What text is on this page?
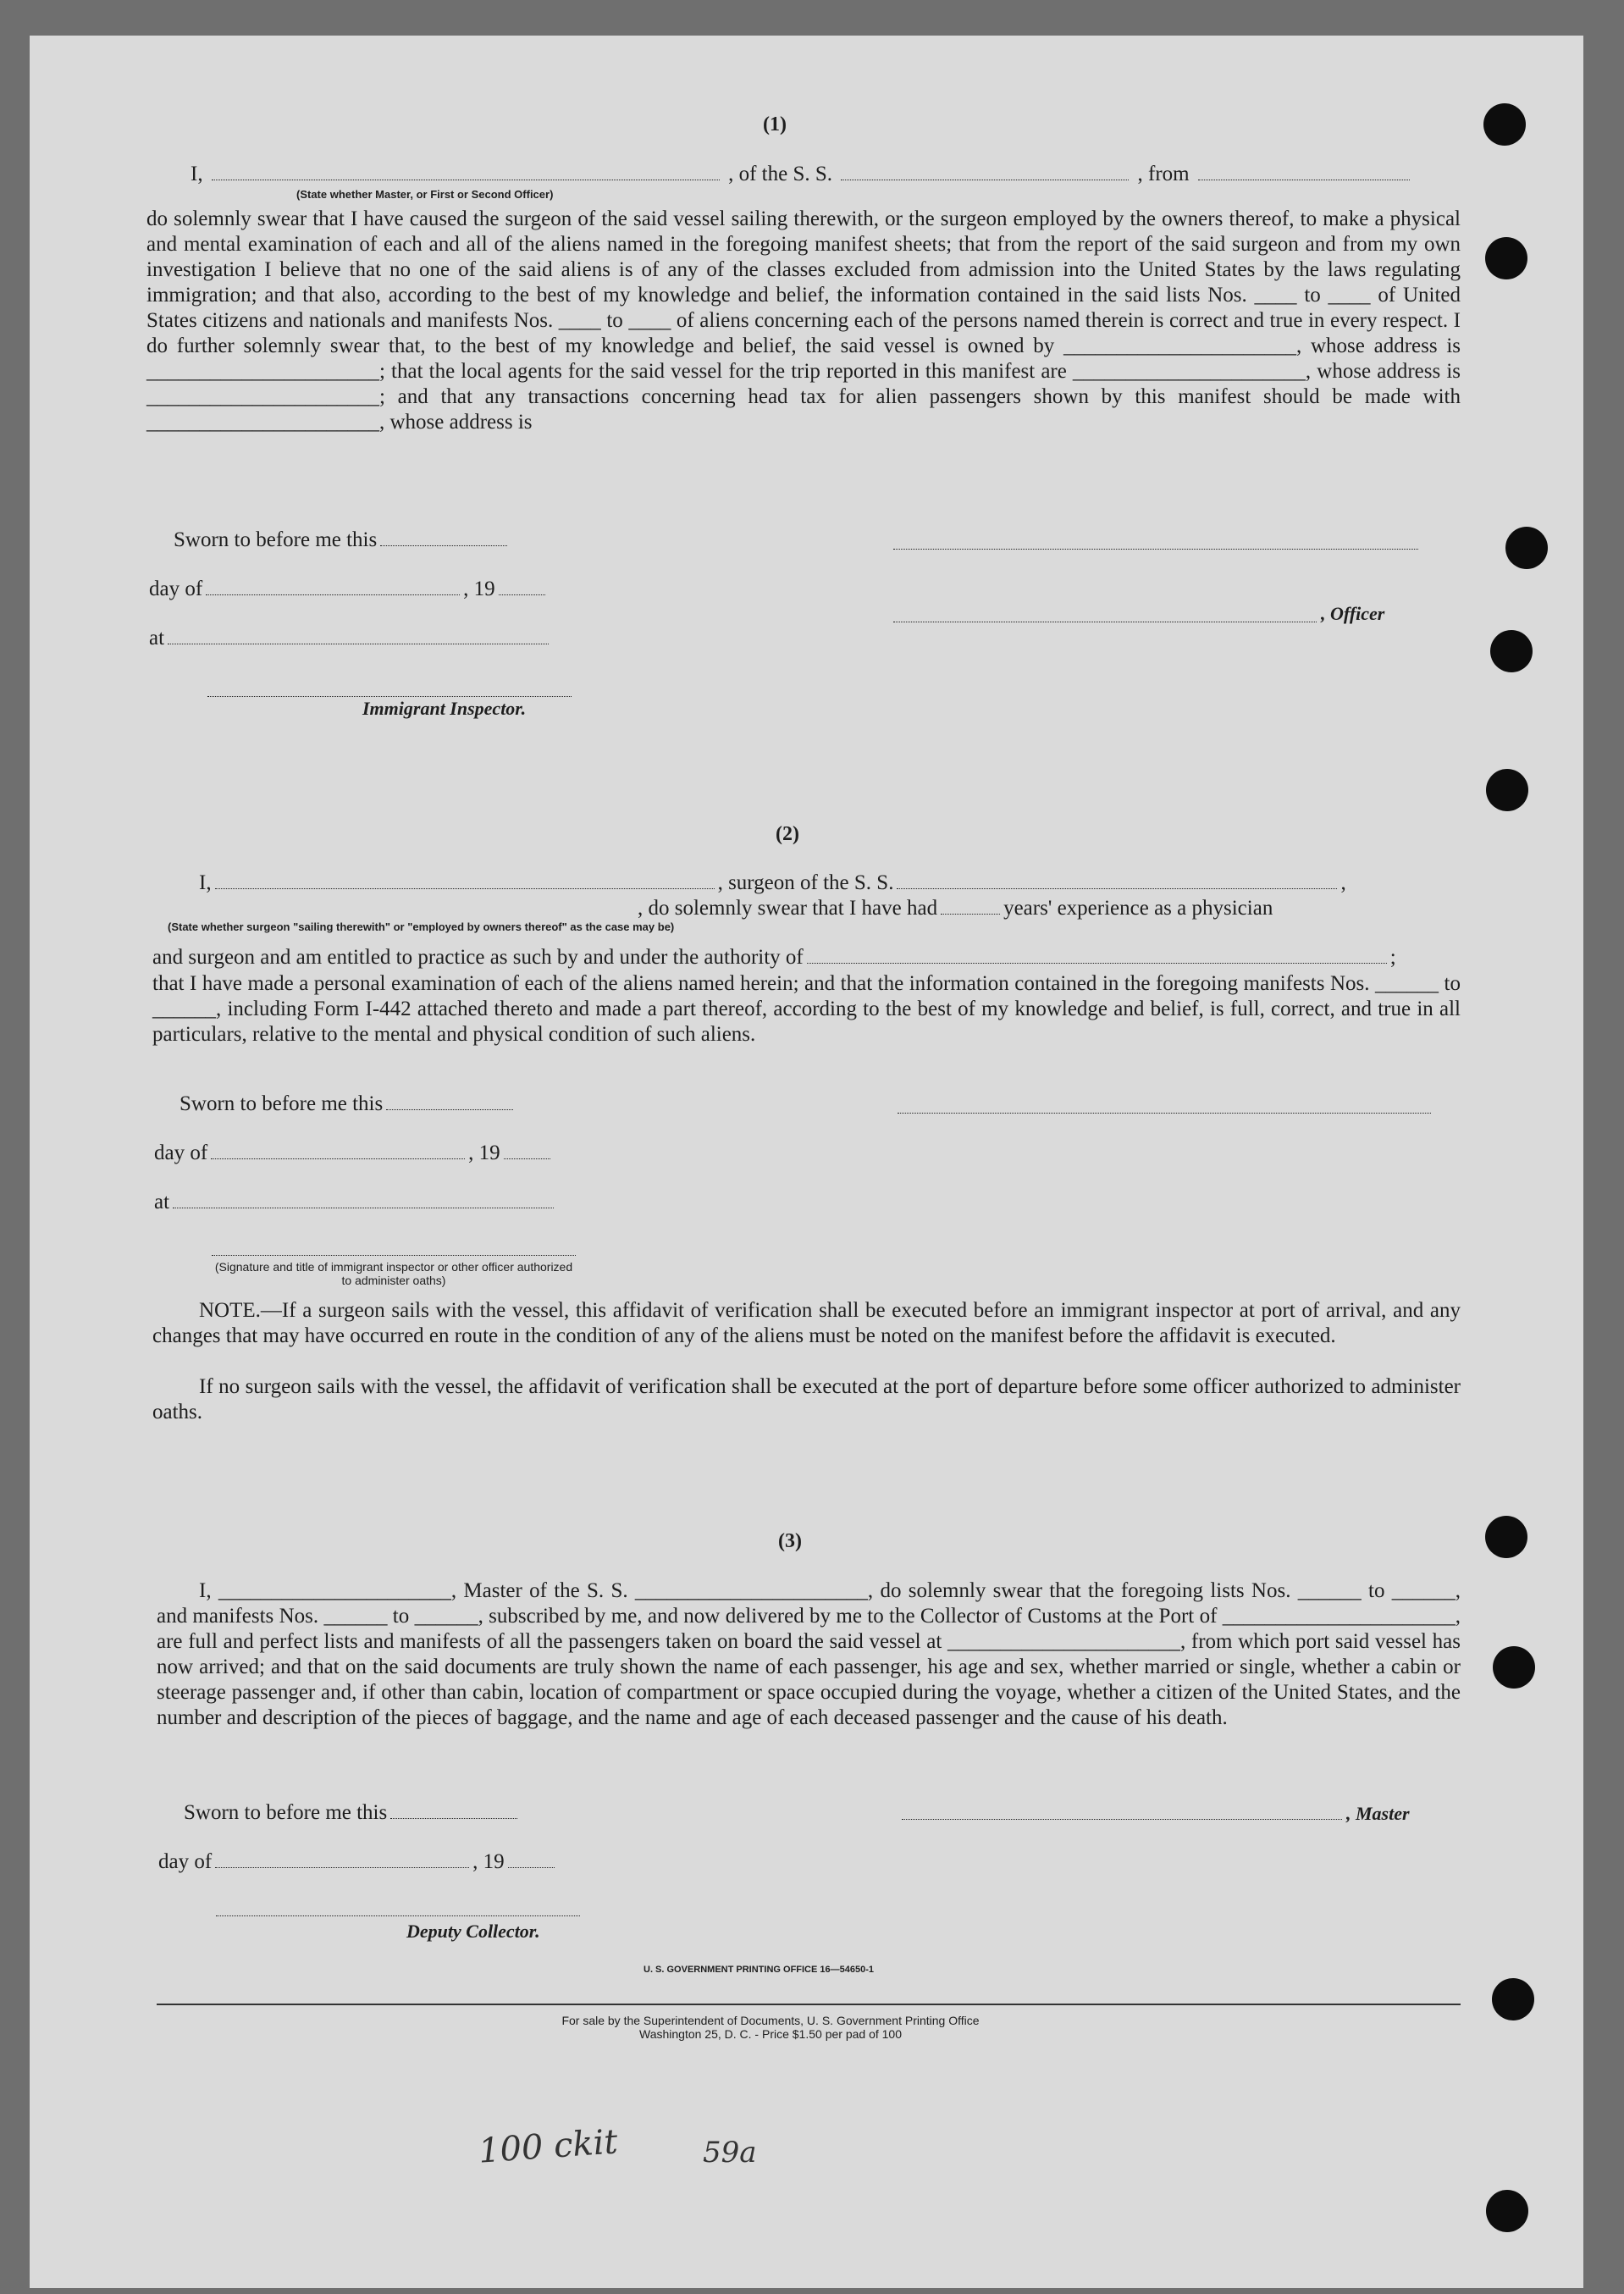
(1)
I,	, of the S. S.	, from
(State whether Master, or First or Second Officer)
do solemnly swear that I have caused the surgeon of the said vessel sailing therewith, or the surgeon employed by the owners thereof, to make a physical and mental examination of each and all of the aliens named in the foregoing manifest sheets; that from the report of the said surgeon and from my own investigation I believe that no one of the said aliens is of any of the classes excluded from admission into the United States by the laws regulating immigration; and that also, according to the best of my knowledge and belief, the information contained in the said lists Nos. ____ to ____ of United States citizens and nationals and manifests Nos. ____ to ____ of aliens concerning each of the persons named therein is correct and true in every respect. I do further solemnly swear that, to the best of my knowledge and belief, the said vessel is owned by ______________________, whose address is ______________________; that the local agents for the said vessel for the trip reported in this manifest are ______________________, whose address is ______________________; and that any transactions concerning head tax for alien passengers shown by this manifest should be made with ______________________, whose address is
Sworn to before me this
day of	, 19
at
Immigrant Inspector.
, Officer
(2)
I,	, surgeon of the S. S.	,
, do solemnly swear that I have had	years' experience as a physician
(State whether surgeon "sailing therewith" or "employed by owners thereof" as the case may be)
and surgeon and am entitled to practice as such by and under the authority of	;
that I have made a personal examination of each of the aliens named herein; and that the information contained in the foregoing manifests Nos. ______ to ______, including Form I-442 attached thereto and made a part thereof, according to the best of my knowledge and belief, is full, correct, and true in all particulars, relative to the mental and physical condition of such aliens.
Sworn to before me this
day of	, 19
at
(Signature and title of immigrant inspector or other officer authorized to administer oaths)
NOTE.—If a surgeon sails with the vessel, this affidavit of verification shall be executed before an immigrant inspector at port of arrival, and any changes that may have occurred en route in the condition of any of the aliens must be noted on the manifest before the affidavit is executed.
If no surgeon sails with the vessel, the affidavit of verification shall be executed at the port of departure before some officer authorized to administer oaths.
(3)
I, ______________________, Master of the S. S. ______________________, do solemnly swear that the foregoing lists Nos. ______ to ______, and manifests Nos. ______ to ______, subscribed by me, and now delivered by me to the Collector of Customs at the Port of ______________________, are full and perfect lists and manifests of all the passengers taken on board the said vessel at ______________________, from which port said vessel has now arrived; and that on the said documents are truly shown the name of each passenger, his age and sex, whether married or single, whether a cabin or steerage passenger and, if other than cabin, location of compartment or space occupied during the voyage, whether a citizen of the United States, and the number and description of the pieces of baggage, and the name and age of each deceased passenger and the cause of his death.
Sworn to before me this	, Master
day of	, 19
Deputy Collector.
U. S. GOVERNMENT PRINTING OFFICE 16—54650-1
For sale by the Superintendent of Documents, U. S. Government Printing Office
Washington 25, D. C. - Price $1.50 per pad of 100
100 ckit	59a
